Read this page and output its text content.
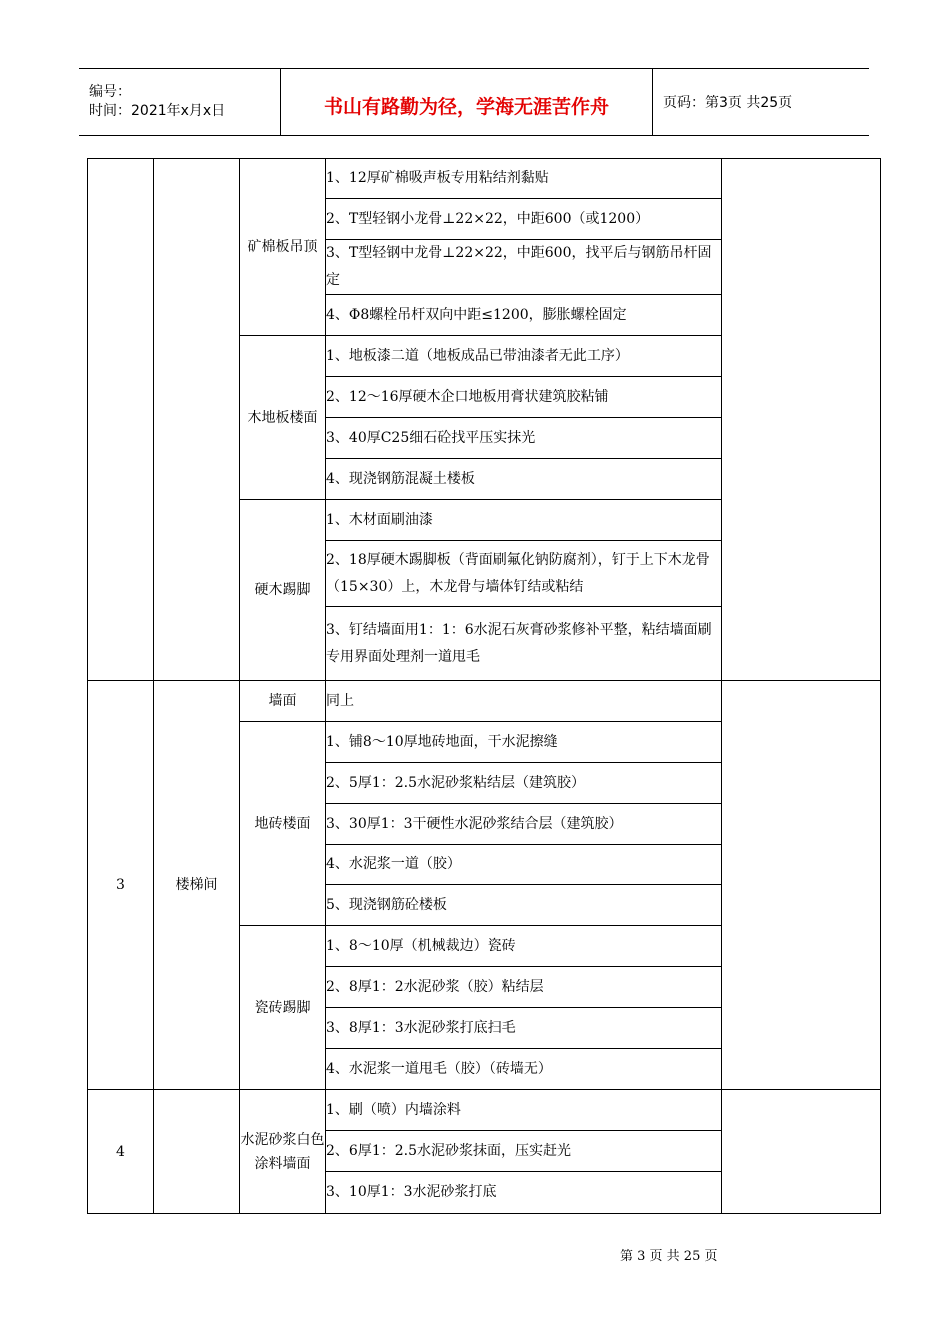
编号：
时间：2021年x月x日	书山有路勤为径，学海无涯苦作舟	页码：第3页 共25页
		矿棉板吊顶	1、12厚矿棉吸声板专用粘结剂黏贴	
			2、T型轻钢小龙骨⊥22×22，中距600（或1200）	
			3、T型轻钢中龙骨⊥22×22，中距600，找平后与钢筋吊杆固定	
			4、Φ8螺栓吊杆双向中距≤1200，膨胀螺栓固定	
		木地板楼面	1、地板漆二道（地板成品已带油漆者无此工序）	
			2、12～16厚硬木企口地板用膏状建筑胶粘铺	
			3、40厚C25细石砼找平压实抹光	
			4、现浇钢筋混凝土楼板	
		硬木踢脚	1、木材面刷油漆	
			2、18厚硬木踢脚板（背面刷氟化钠防腐剂），钉于上下木龙骨（15×30）上，木龙骨与墙体钉结或粘结	
			3、钉结墙面用1：1：6水泥石灰膏砂浆修补平整，粘结墙面刷专用界面处理剂一道甩毛	
3	楼梯间	墙面	同上	
		地砖楼面	1、铺8～10厚地砖地面，干水泥擦缝	
			2、5厚1：2.5水泥砂浆粘结层（建筑胶）	
			3、30厚1：3干硬性水泥砂浆结合层（建筑胶）	
			4、水泥浆一道（胶）	
			5、现浇钢筋砼楼板	
		瓷砖踢脚	1、8～10厚（机械裁边）瓷砖	
			2、8厚1：2水泥砂浆（胶）粘结层	
			3、8厚1：3水泥砂浆打底扫毛	
			4、水泥浆一道甩毛（胶）（砖墙无）	
4		水泥砂浆白色涂料墙面	1、刷（喷）内墙涂料	
			2、6厚1：2.5水泥砂浆抹面，压实赶光	
			3、10厚1：3水泥砂浆打底	
第 3 页 共 25 页
